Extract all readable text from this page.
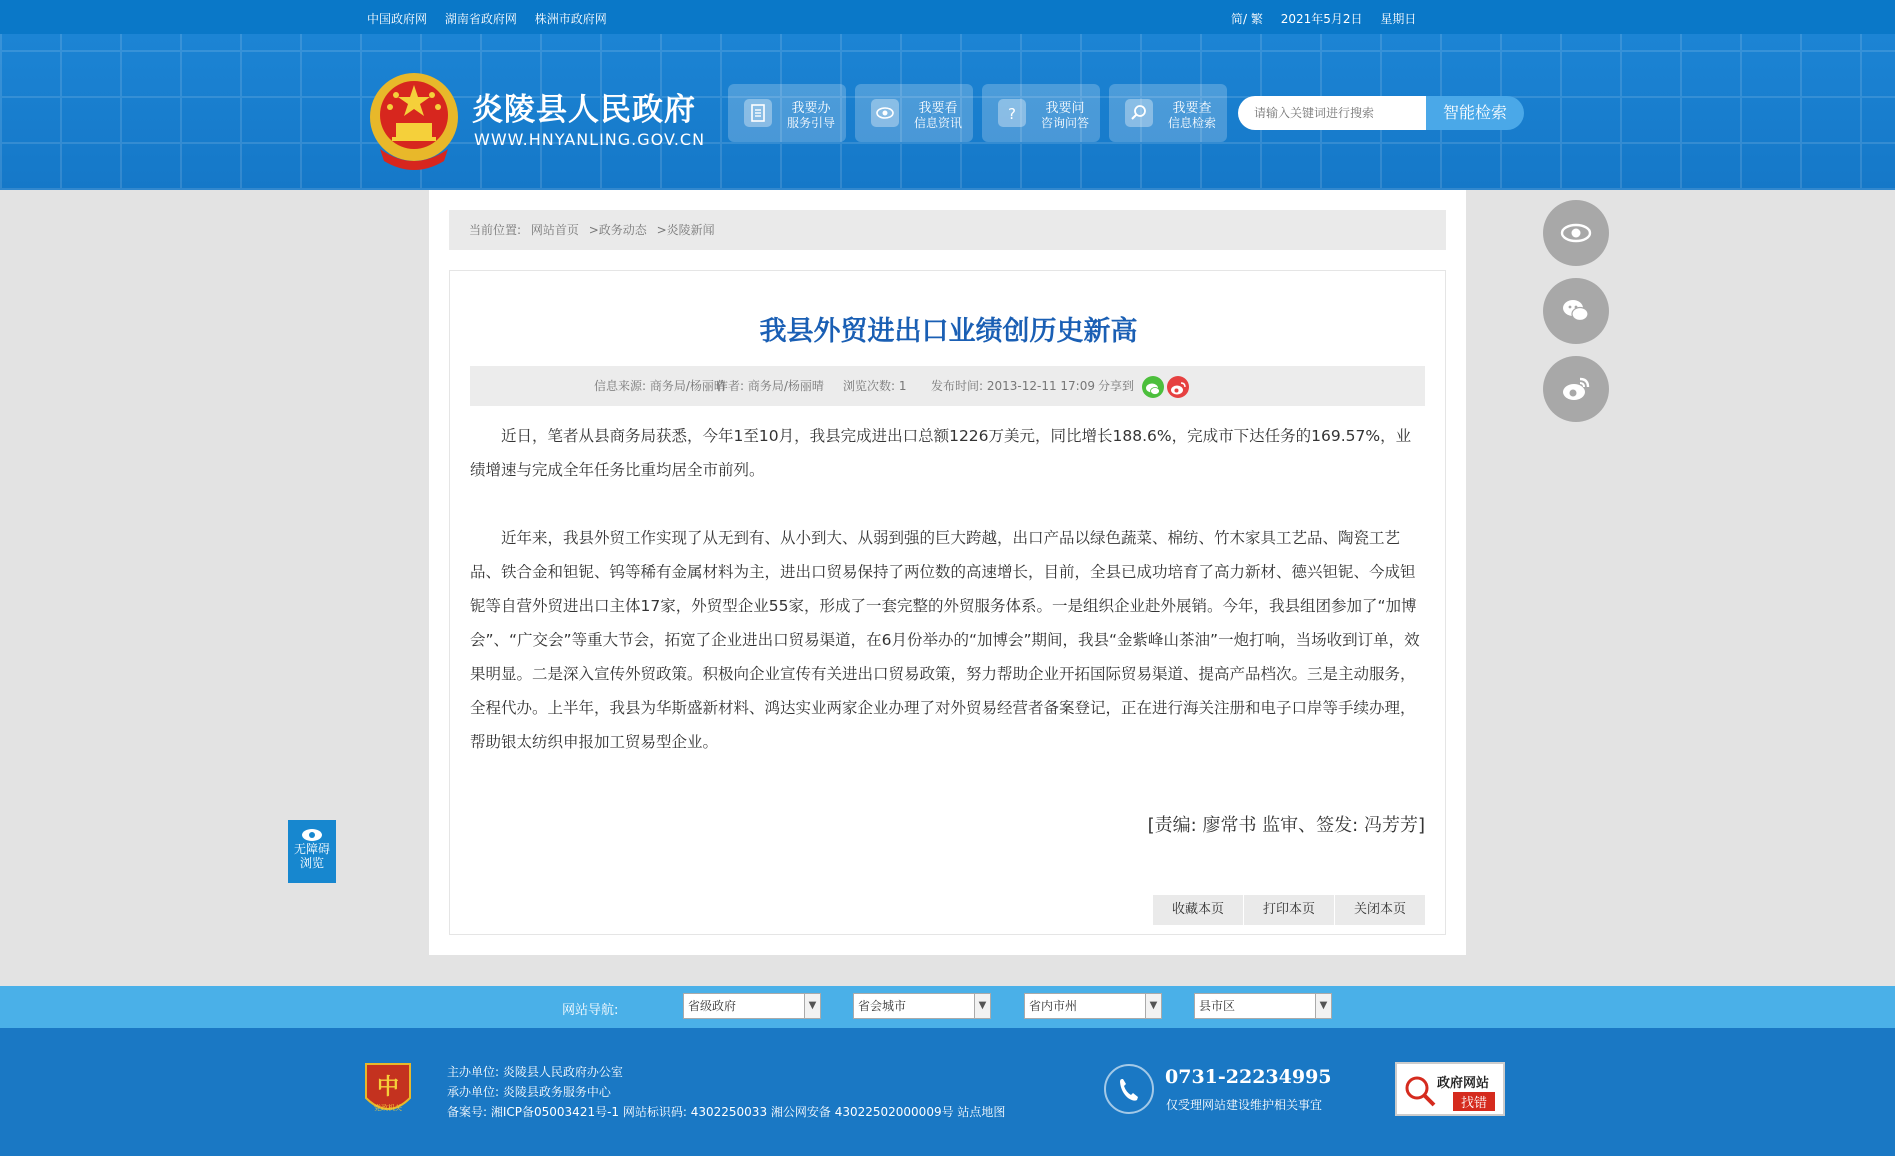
中国政府网 湖南省政府网 株洲市政府网	简/ 繁 2021年5月2日 星期日
炎陵县人民政府
WWW.HNYANLING.GOV.CN
我要办
服务引导
我要看
信息资讯	?	我要问
咨询问答
我要查
信息检索
请输入关键词进行搜索
智能检索
当前位置: 网站首页 >政务动态 >炎陵新闻
我县外贸进出口业绩创历史新高
信息来源: 商务局/杨丽晴
作者: 商务局/杨丽晴 浏览次数: 1 发布时间: 2013-12-11 17:09 分享到

近日，笔者从县商务局获悉，今年1至10月，我县完成进出口总额1226万美元，同比增长188.6%，完成市下达任务的169.57%，业绩增速与完成全年任务比重均居全市前列。

近年来，我县外贸工作实现了从无到有、从小到大、从弱到强的巨大跨越，出口产品以绿色蔬菜、棉纺、竹木家具工艺品、陶瓷工艺品、铁合金和钽铌、钨等稀有金属材料为主，进出口贸易保持了两位数的高速增长，目前，全县已成功培育了高力新材、德兴钽铌、今成钽铌等自营外贸进出口主体17家，外贸型企业55家，形成了一套完整的外贸服务体系。一是组织企业赴外展销。今年，我县组团参加了“加博会”、“广交会”等重大节会，拓宽了企业进出口贸易渠道，在6月份举办的“加博会”期间，我县“金紫峰山茶油”一炮打响，当场收到订单，效果明显。二是深入宣传外贸政策。积极向企业宣传有关进出口贸易政策，努力帮助企业开拓国际贸易渠道、提高产品档次。三是主动服务，全程代办。上半年，我县为华斯盛新材料、鸿达实业两家企业办理了对外贸易经营者备案登记，正在进行海关注册和电子口岸等手续办理，帮助银太纺织申报加工贸易型企业。

[责编: 廖常书 监审、签发: 冯芳芳]
收藏本页	打印本页	关闭本页
无障碍
浏览
网站导航:	省级政府	▼	省会城市	▼	省内市州	▼	县市区	▼
中
党政机关
主办单位: 炎陵县人民政府办公室
承办单位: 炎陵县政务服务中心
备案号: 湘ICP备05003421号-1 网站标识码: 4302250033 湘公网安备 43022502000009号 站点地图
0731-22234995
仅受理网站建设维护相关事宜
政府网站
找错
